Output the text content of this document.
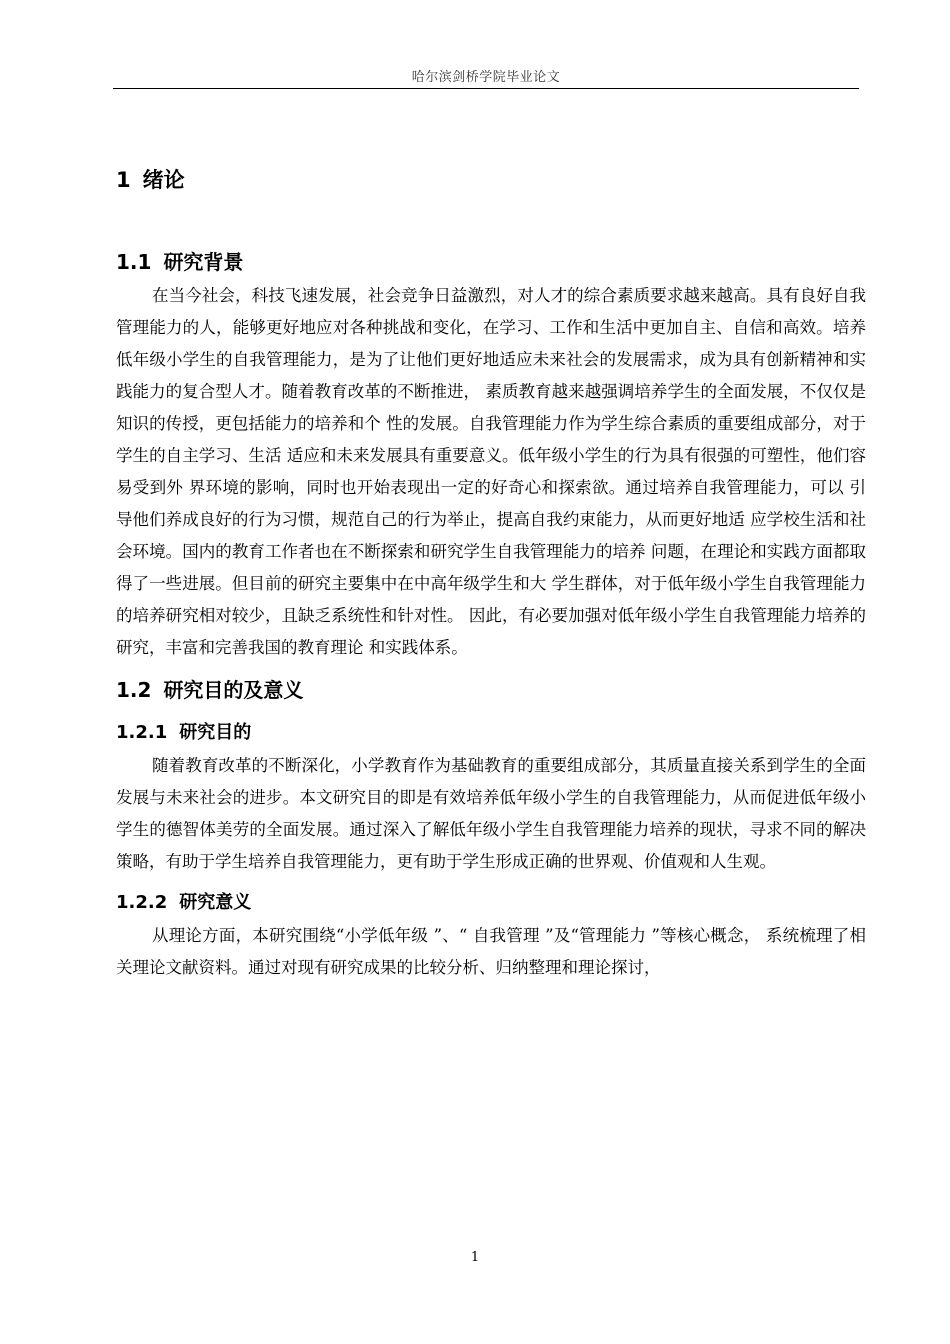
哈尔滨剑桥学院毕业论文
1 绪论
1.1 研究背景

在当今社会，科技飞速发展，社会竞争日益激烈，对人才的综合素质要求越来越高。具有良好自我管理能力的人，能够更好地应对各种挑战和变化，在学习、工作和生活中更加自主、自信和高效。培养低年级小学生的自我管理能力，是为了让他们更好地适应未来社会的发展需求，成为具有创新精神和实践能力的复合型人才。随着教育改革的不断推进， 素质教育越来越强调培养学生的全面发展，不仅仅是知识的传授，更包括能力的培养和个 性的发展。自我管理能力作为学生综合素质的重要组成部分，对于学生的自主学习、生活 适应和未来发展具有重要意义。低年级小学生的行为具有很强的可塑性，他们容易受到外 界环境的影响，同时也开始表现出一定的好奇心和探索欲。通过培养自我管理能力，可以 引导他们养成良好的行为习惯，规范自己的行为举止，提高自我约束能力，从而更好地适 应学校生活和社会环境。国内的教育工作者也在不断探索和研究学生自我管理能力的培养 问题，在理论和实践方面都取得了一些进展。但目前的研究主要集中在中高年级学生和大 学生群体，对于低年级小学生自我管理能力的培养研究相对较少，且缺乏系统性和针对性。 因此，有必要加强对低年级小学生自我管理能力培养的研究，丰富和完善我国的教育理论 和实践体系。

1.2 研究目的及意义
1.2.1 研究目的

随着教育改革的不断深化，小学教育作为基础教育的重要组成部分，其质量直接关系到学生的全面发展与未来社会的进步。本文研究目的即是有效培养低年级小学生的自我管理能力，从而促进低年级小学生的德智体美劳的全面发展。通过深入了解低年级小学生自我管理能力培养的现状，寻求不同的解决策略，有助于学生培养自我管理能力，更有助于学生形成正确的世界观、价值观和人生观。

1.2.2 研究意义

从理论方面，本研究围绕“小学低年级 ”、“ 自我管理 ”及“管理能力 ”等核心概念， 系统梳理了相关理论文献资料。通过对现有研究成果的比较分析、归纳整理和理论探讨，

1
